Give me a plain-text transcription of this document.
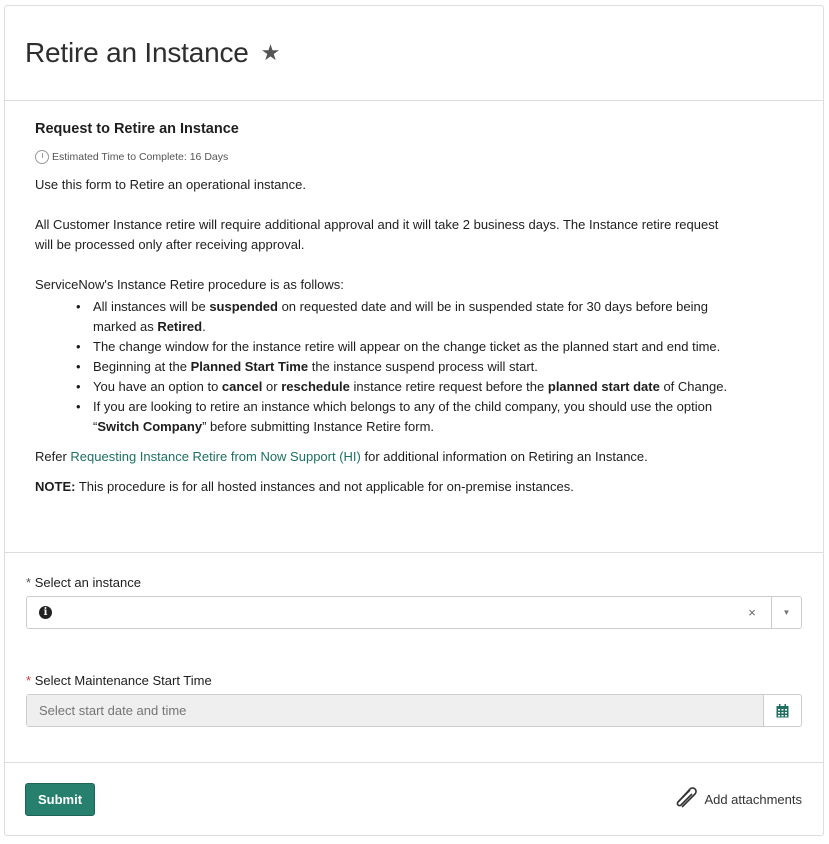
Retire an Instance ★
Request to Retire an Instance
Estimated Time to Complete: 16 Days

Use this form to Retire an operational instance.

All Customer Instance retire will require additional approval and it will take 2 business days. The Instance retire request will be processed only after receiving approval.

ServiceNow's Instance Retire procedure is as follows:

• All instances will be suspended on requested date and will be in suspended state for 30 days before being marked as Retired.
• The change window for the instance retire will appear on the change ticket as the planned start and end time.
• Beginning at the Planned Start Time the instance suspend process will start.
• You have an option to cancel or reschedule instance retire request before the planned start date of Change.
• If you are looking to retire an instance which belongs to any of the child company, you should use the option “Switch Company” before submitting Instance Retire form.

Refer Requesting Instance Retire from Now Support (HI) for additional information on Retiring an Instance.

NOTE: This procedure is for all hosted instances and not applicable for on-premise instances.

* Select an instance
i	×	▼
* Select Maintenance Start Time
Select start date and time
Submit	Add attachments
